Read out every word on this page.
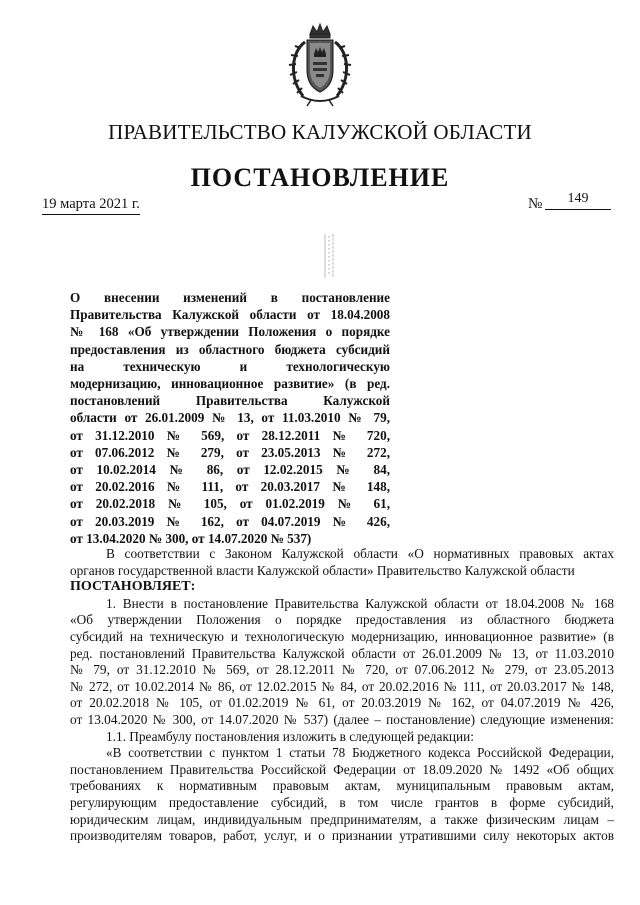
ПРАВИТЕЛЬСТВО КАЛУЖСКОЙ ОБЛАСТИ
ПОСТАНОВЛЕНИЕ
19 марта 2021 г.	№	149
О внесении изменений в постановление
Правительства Калужской области от 18.04.2008
№ 168 «Об утверждении Положения о порядке
предоставления из областного бюджета субсидий
на техническую и технологическую
модернизацию, инновационное развитие» (в ред.
постановлений Правительства Калужской
области от 26.01.2009 № 13, от 11.03.2010 № 79,
от 31.12.2010 № 569, от 28.12.2011 № 720,
от 07.06.2012 № 279, от 23.05.2013 № 272,
от 10.02.2014 № 86, от 12.02.2015 № 84,
от 20.02.2016 № 111, от 20.03.2017 № 148,
от 20.02.2018 № 105, от 01.02.2019 № 61,
от 20.03.2019 № 162, от 04.07.2019 № 426,
от 13.04.2020 № 300, от 14.07.2020 № 537)
В соответствии с Законом Калужской области «О нормативных правовых актах
органов государственной власти Калужской области» Правительство Калужской области
ПОСТАНОВЛЯЕТ:
1. Внести в постановление Правительства Калужской области от 18.04.2008 № 168
«Об утверждении Положения о порядке предоставления из областного бюджета
субсидий на техническую и технологическую модернизацию, инновационное развитие» (в
ред. постановлений Правительства Калужской области от 26.01.2009 № 13, от 11.03.2010
№ 79, от 31.12.2010 № 569, от 28.12.2011 № 720, от 07.06.2012 № 279, от 23.05.2013
№ 272, от 10.02.2014 № 86, от 12.02.2015 № 84, от 20.02.2016 № 111, от 20.03.2017 № 148,
от 20.02.2018 № 105, от 01.02.2019 № 61, от 20.03.2019 № 162, от 04.07.2019 № 426,
от 13.04.2020 № 300, от 14.07.2020 № 537) (далее – постановление) следующие изменения:
1.1. Преамбулу постановления изложить в следующей редакции:
«В соответствии с пунктом 1 статьи 78 Бюджетного кодекса Российской Федерации,
постановлением Правительства Российской Федерации от 18.09.2020 № 1492 «Об общих
требованиях к нормативным правовым актам, муниципальным правовым актам,
регулирующим предоставление субсидий, в том числе грантов в форме субсидий,
юридическим лицам, индивидуальным предпринимателям, а также физическим лицам –
производителям товаров, работ, услуг, и о признании утратившими силу некоторых актов
